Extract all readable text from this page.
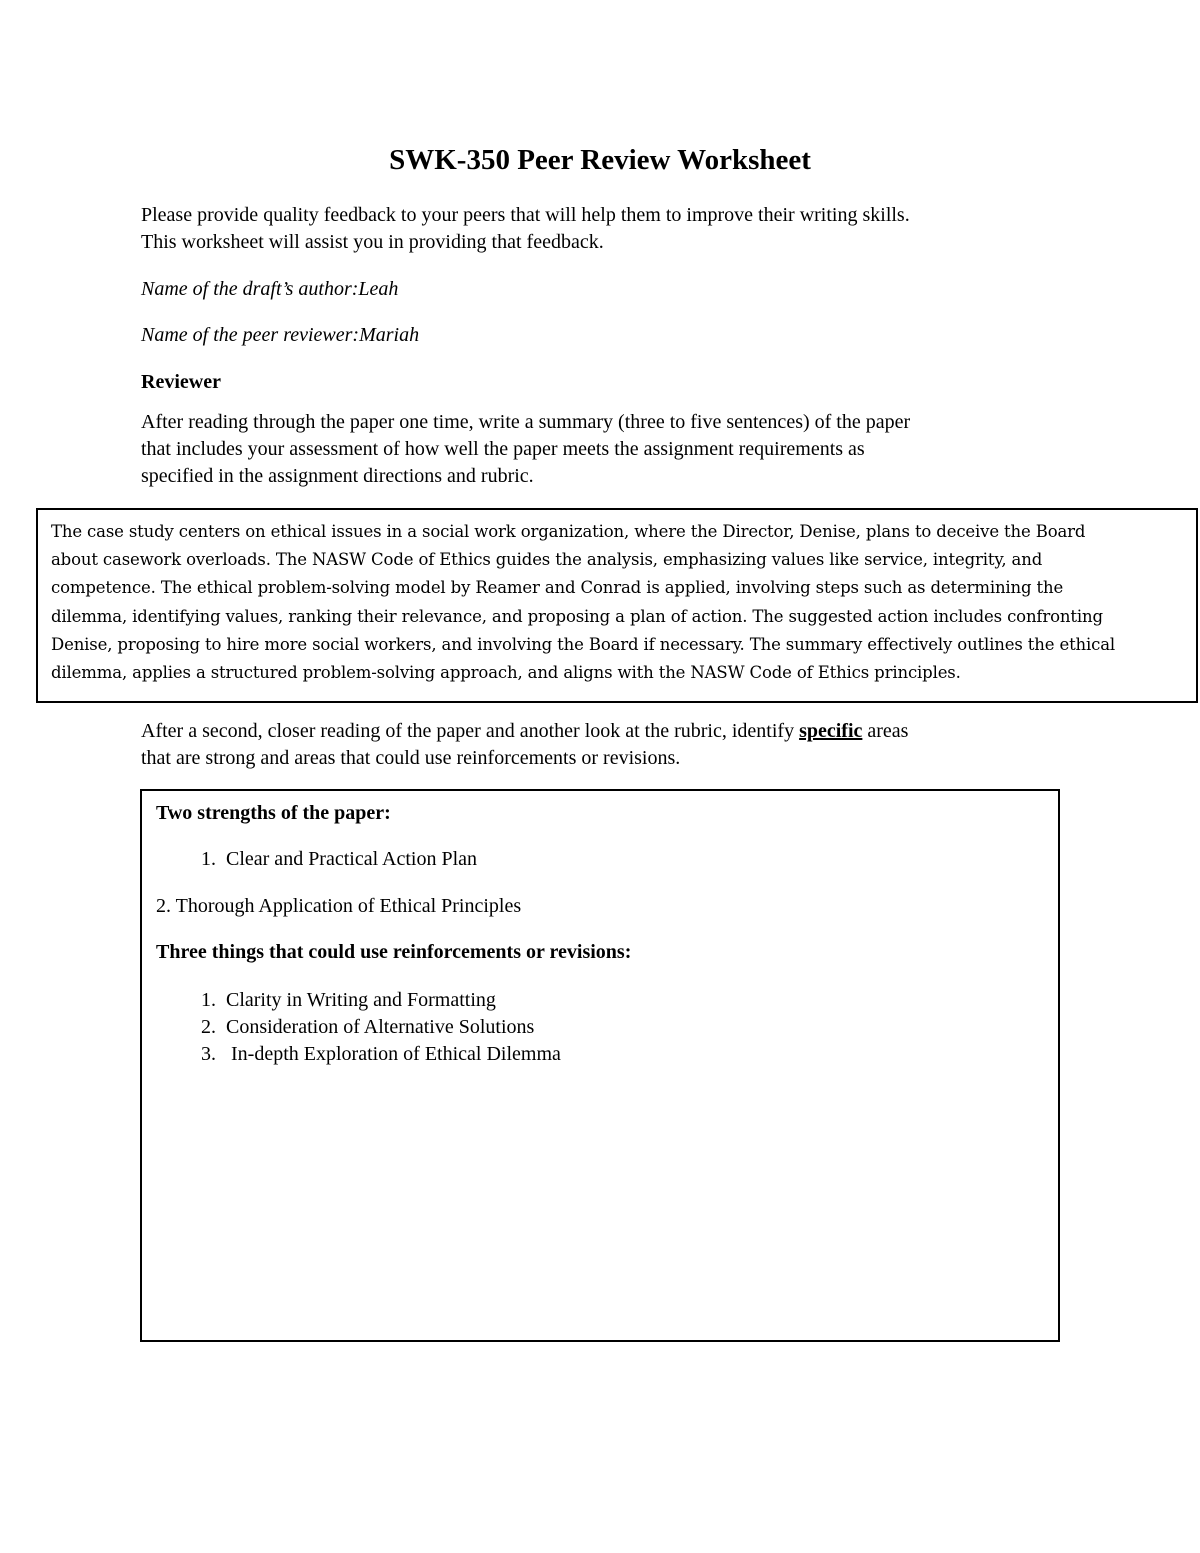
SWK-350 Peer Review Worksheet
Please provide quality feedback to your peers that will help them to improve their writing skills.
This worksheet will assist you in providing that feedback.
Name of the draft’s author:Leah
Name of the peer reviewer:Mariah
Reviewer
After reading through the paper one time, write a summary (three to five sentences) of the paper
that includes your assessment of how well the paper meets the assignment requirements as
specified in the assignment directions and rubric.
The case study centers on ethical issues in a social work organization, where the Director, Denise, plans to deceive the Board
about casework overloads. The NASW Code of Ethics guides the analysis, emphasizing values like service, integrity, and
competence. The ethical problem-solving model by Reamer and Conrad is applied, involving steps such as determining the
dilemma, identifying values, ranking their relevance, and proposing a plan of action. The suggested action includes confronting
Denise, proposing to hire more social workers, and involving the Board if necessary. The summary effectively outlines the ethical
dilemma, applies a structured problem-solving approach, and aligns with the NASW Code of Ethics principles.
After a second, closer reading of the paper and another look at the rubric, identify specific areas
that are strong and areas that could use reinforcements or revisions.
Two strengths of the paper:
1. Clear and Practical Action Plan
2. Thorough Application of Ethical Principles
Three things that could use reinforcements or revisions:
1. Clarity in Writing and Formatting
2. Consideration of Alternative Solutions
3. In-depth Exploration of Ethical Dilemma
